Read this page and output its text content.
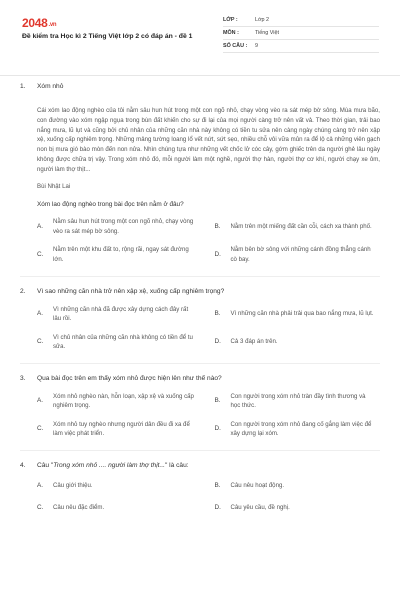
2048.vn
Đề kiểm tra Học kì 2 Tiếng Việt lớp 2 có đáp án - đề 1
LỚP :	Lớp 2
MÔN :	Tiếng Việt
SỐ CÂU :	9
1.	Xóm nhỏ
Cái xóm lao động nghèo của tôi nằm sâu hun hút trong một con ngõ nhỏ, chạy vòng vèo ra sát mép bờ sông. Mùa mưa bão, con đường vào xóm ngập ngụa trong bùn đất khiến cho sự đi lại của mọi người càng trở nên vất vả. Theo thời gian, trải bao nắng mưa, lũ lụt và cũng bởi chủ nhân của những căn nhà này không có tiền tu sửa nên càng ngày chúng càng trở nên xập xệ, xuống cấp nghiêm trọng. Những mảng tường loang lổ vết nứt, sứt sẹo, nhiều chỗ vôi vữa mủn ra để lộ cả những viên gạch non bị mưa gió bào mòn đến non nửa. Nhìn chúng tựa như những vết chốc lở cóc cây, gớm ghiếc trên da người ghẻ lâu ngày không được chữa trị vậy. Trong xóm nhỏ đó, mỗi người làm một nghề, người thợ hàn, người thợ cơ khí, người chạy xe ôm, người làm thợ thịt...
Bùi Nhật Lai
Xóm lao động nghèo trong bài đọc trên nằm ở đâu?
A.
Nằm sâu hun hút trong một con ngõ nhỏ, chạy vòng vèo ra sát mép bờ sông.
B.	Nằm trên một miếng đất cần cỗi, cách xa thành phố.
C.
Nằm trên một khu đất to, rộng rãi, ngay sát đường lớn.
D.
Nằm bên bờ sông với những cánh đồng thẳng cánh cò bay.
2.	Vì sao những căn nhà trở nên xập xệ, xuống cấp nghiêm trọng?
A.
Vì những căn nhà đã được xây dựng cách đây rất lâu rồi.
B.	Vì những căn nhà phải trải qua bao nắng mưa, lũ lụt.
C.
Vì chủ nhân của những căn nhà không có tiền để tu sửa.
D.	Cả 3 đáp án trên.
3.	Qua bài đọc trên em thấy xóm nhỏ được hiện lên như thế nào?
A.
Xóm nhỏ nghèo nàn, hỗn loạn, xập xệ và xuống cấp nghiêm trọng.
B.
Con người trong xóm nhỏ tràn đầy tình thương và học thức.
C.
Xóm nhỏ tuy nghèo nhưng người dân đều đi xa để làm việc phát triển.
D.
Con người trong xóm nhỏ đang cố gắng làm việc để xây dựng lại xóm.
4.	Câu "Trong xóm nhỏ .... người làm thợ thịt..." là câu:
A.	Câu giới thiệu.	B.	Câu nêu hoạt động.
C.	Câu nêu đặc điểm.	D.	Câu yêu cầu, đề nghị.
